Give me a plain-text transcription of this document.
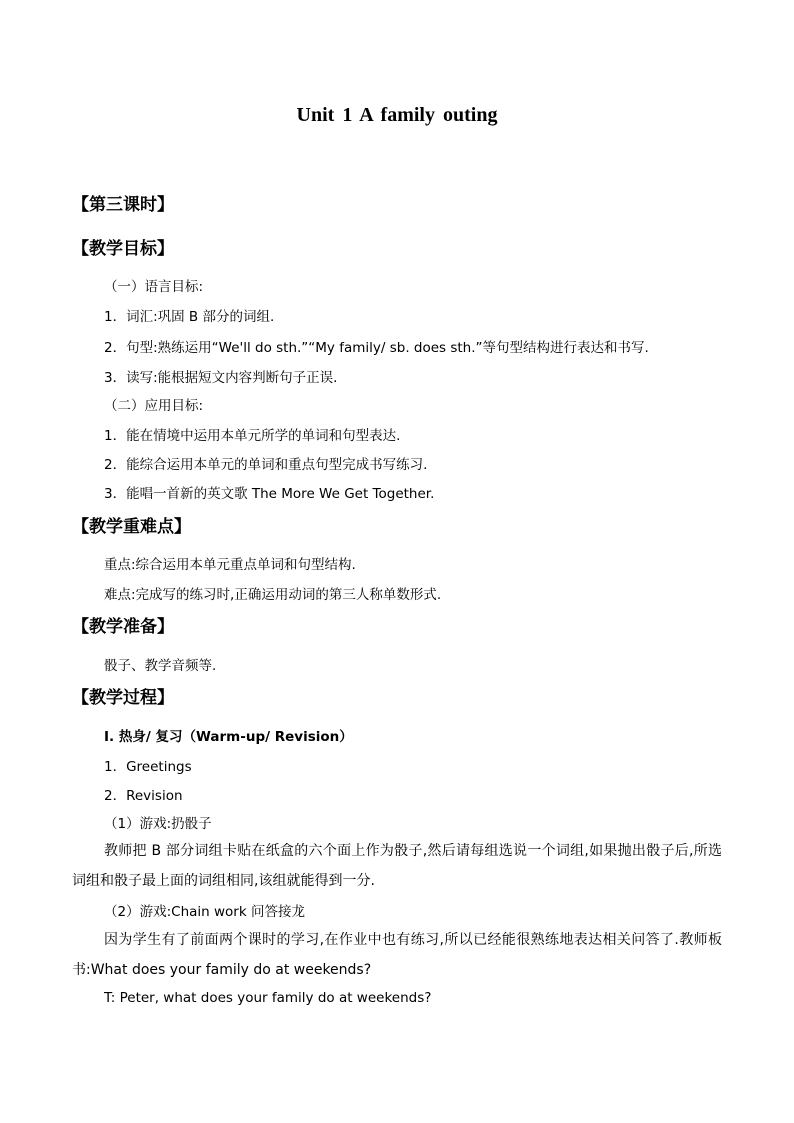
Unit 1 A family outing
【第三课时】
【教学目标】
（一）语言目标:
1．词汇:巩固 B 部分的词组.
2．句型:熟练运用“We'll do sth.”“My family/ sb. does sth.”等句型结构进行表达和书写.
3．读写:能根据短文内容判断句子正误.
（二）应用目标:
1．能在情境中运用本单元所学的单词和句型表达.
2．能综合运用本单元的单词和重点句型完成书写练习.
3．能唱一首新的英文歌 The More We Get Together.
【教学重难点】
重点:综合运用本单元重点单词和句型结构.
难点:完成写的练习时,正确运用动词的第三人称单数形式.
【教学准备】
骰子、教学音频等.
【教学过程】
I. 热身/ 复习（Warm-up/ Revision）
1．Greetings
2．Revision
（1）游戏:扔骰子
教师把 B 部分词组卡贴在纸盒的六个面上作为骰子,然后请每组选说一个词组,如果抛出骰子后,所选词组和骰子最上面的词组相同,该组就能得到一分.
（2）游戏:Chain work 问答接龙
因为学生有了前面两个课时的学习,在作业中也有练习,所以已经能很熟练地表达相关问答了.教师板书:What does your family do at weekends?
T: Peter, what does your family do at weekends?
